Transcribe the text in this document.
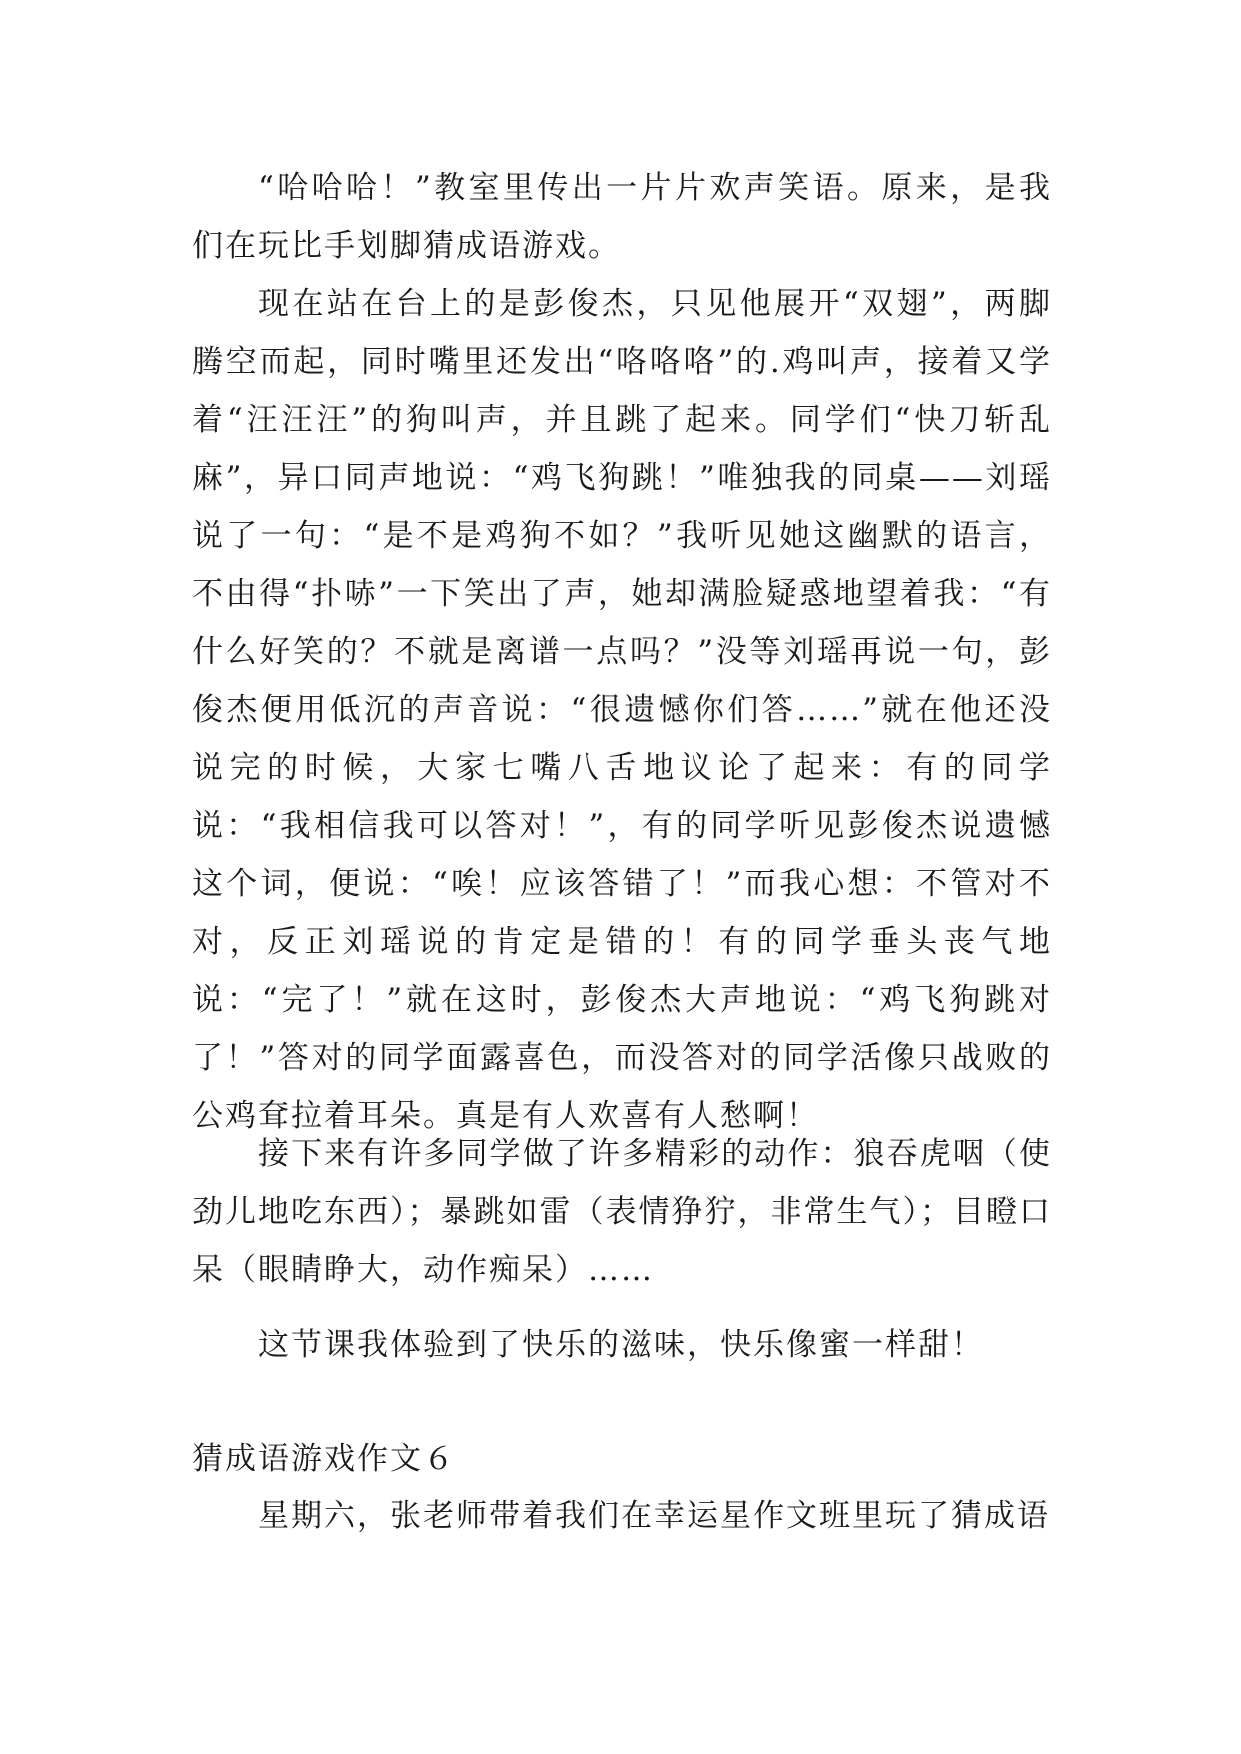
“哈哈哈！”教室里传出一片片欢声笑语。原来，是我们在玩比手划脚猜成语游戏。

现在站在台上的是彭俊杰，只见他展开“双翅”，两脚腾空而起，同时嘴里还发出“咯咯咯”的.鸡叫声，接着又学着“汪汪汪”的狗叫声，并且跳了起来。同学们“快刀斩乱麻”，异口同声地说：“鸡飞狗跳！”唯独我的同桌——刘瑶说了一句：“是不是鸡狗不如？”我听见她这幽默的语言，不由得“扑哧”一下笑出了声，她却满脸疑惑地望着我：“有什么好笑的？不就是离谱一点吗？”没等刘瑶再说一句，彭俊杰便用低沉的声音说：“很遗憾你们答……”就在他还没说完的时候，大家七嘴八舌地议论了起来：有的同学说：“我相信我可以答对！”，有的同学听见彭俊杰说遗憾这个词，便说：“唉！应该答错了！”而我心想：不管对不对，反正刘瑶说的肯定是错的！有的同学垂头丧气地说：“完了！”就在这时，彭俊杰大声地说：“鸡飞狗跳对了！”答对的同学面露喜色，而没答对的同学活像只战败的公鸡耷拉着耳朵。真是有人欢喜有人愁啊！

接下来有许多同学做了许多精彩的动作：狼吞虎咽（使劲儿地吃东西）；暴跳如雷（表情狰狞，非常生气）；目瞪口呆（眼睛睁大，动作痴呆）……

这节课我体验到了快乐的滋味，快乐像蜜一样甜！

猜成语游戏作文６

星期六，张老师带着我们在幸运星作文班里玩了猜成语
